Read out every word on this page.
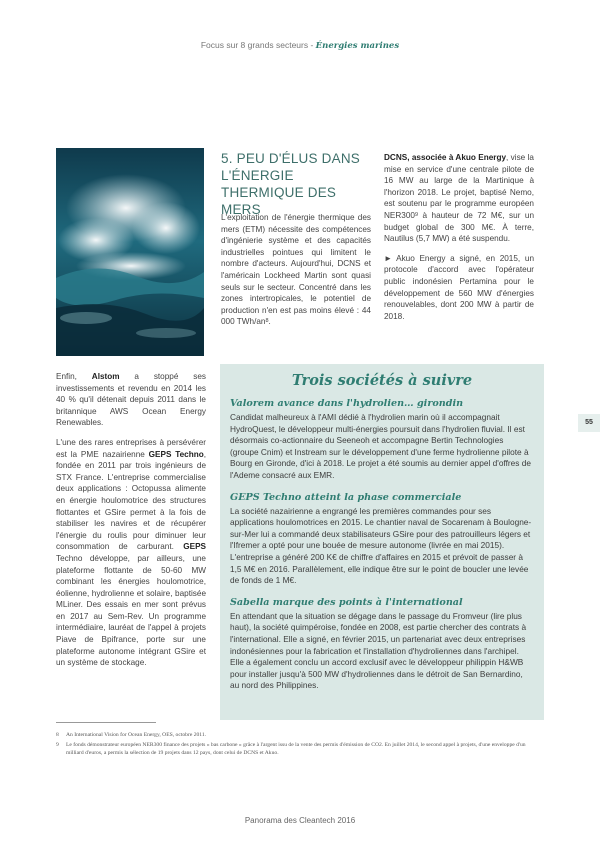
Focus sur 8 grands secteurs - Énergies marines
5. PEU D'ÉLUS DANS L'ÉNERGIE THERMIQUE DES MERS

L'exploitation de l'énergie thermique des mers (ETM) nécessite des compétences d'ingénierie système et des capacités industrielles pointues qui limitent le nombre d'acteurs. Aujourd'hui, DCNS et l'américain Lockheed Martin sont quasi seuls sur le secteur. Concentré dans les zones intertropicales, le potentiel de production n'en est pas moins élevé : 44 000 TWh/$an^8$.

DCNS, associée à Akuo Energy, vise la mise en service d'une centrale pilote de 16 MW au large de la Martinique à l'horizon 2018. Le projet, baptisé Nemo, est soutenu par le programme européen $NER300^9$ à hauteur de 72 M€, sur un budget global de 300 M€. À terre, Nautilus (5,7 MW) a été suspendu.

► Akuo Energy a signé, en 2015, un protocole d'accord avec l'opérateur public indonésien Pertamina pour le développement de 560 MW d'énergies renouvelables, dont 200 MW à partir de 2018.

Enfin, Alstom a stoppé ses investissements et revendu en 2014 les 40 % qu'il détenait depuis 2011 dans le britannique AWS Ocean Energy Renewables.

L'une des rares entreprises à persévérer est la PME nazairienne GEPS Techno, fondée en 2011 par trois ingénieurs de STX France. L'entreprise commercialise deux applications : Octopussa alimente en énergie houlomotrice des structures flottantes et GSire permet à la fois de stabiliser les navires et de récupérer l'énergie du roulis pour diminuer leur consommation de carburant. GEPS Techno développe, par ailleurs, une plateforme flottante de 50-60 MW combinant les énergies houlomotrice, éolienne, hydrolienne et solaire, baptisée MLiner. Des essais en mer sont prévus en 2017 au Sem-Rev. Un programme intermédiaire, lauréat de l'appel à projets Piave de Bpifrance, porte sur une plateforme autonome intégrant GSire et un système de stockage.

Trois sociétés à suivre
Valorem avance dans l'hydrolien… girondin

Candidat malheureux à l'AMI dédié à l'hydrolien marin où il accompagnait HydroQuest, le développeur multi-énergies poursuit dans l'hydrolien fluvial. Il est désormais co-actionnaire du Seeneoh et accompagne Bertin Technologies (groupe Cnim) et Instream sur le développement d'une ferme hydrolienne pilote à Bourg en Gironde, d'ici à 2018. Le projet a été soumis au dernier appel d'offres de l'Ademe consacré aux EMR.

GEPS Techno atteint la phase commerciale

La société nazairienne a engrangé les premières commandes pour ses applications houlomotrices en 2015. Le chantier naval de Socarenam à Boulogne-sur-Mer lui a commandé deux stabilisateurs GSire pour des patrouilleurs légers et l'Ifremer a opté pour une bouée de mesure autonome (livrée en mai 2015). L'entreprise a généré 200 K€ de chiffre d'affaires en 2015 et prévoit de passer à 1,5 M€ en 2016. Parallèlement, elle indique être sur le point de boucler une levée de fonds de 1 M€.

Sabella marque des points à l'international

En attendant que la situation se dégage dans le passage du Fromveur (lire plus haut), la société quimpéroise, fondée en 2008, est partie chercher des contrats à l'international. Elle a signé, en février 2015, un partenariat avec deux entreprises indonésiennes pour la fabrication et l'installation d'hydroliennes dans l'archipel. Elle a également conclu un accord exclusif avec le développeur philippin H&WB pour installer jusqu'à 500 MW d'hydroliennes dans le détroit de San Bernardino, au nord des Philippines.

55
8	An International Vision for Ocean Energy, OES, octobre 2011.
9	Le fonds démonstrateur européen NER300 finance des projets « bas carbone » grâce à l'argent issu de la vente des permis d'émission de CO2. En juillet 2014, le second appel à projets, d'une enveloppe d'un milliard d'euros, a permis la sélection de 19 projets dans 12 pays, dont celui de DCNS et Akuo.
Panorama des Cleantech 2016
